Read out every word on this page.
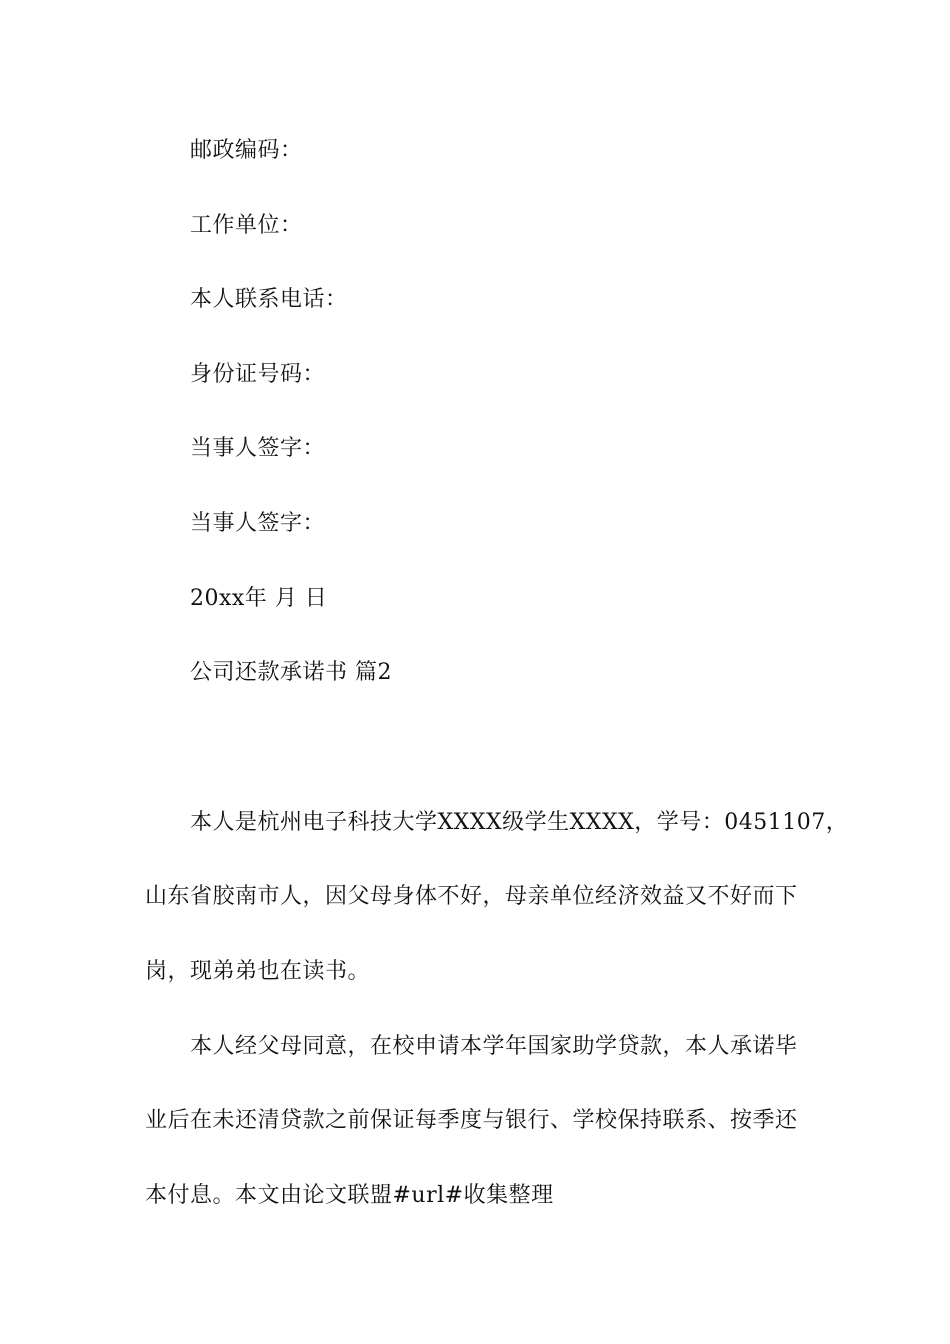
邮政编码：
工作单位：
本人联系电话：
身份证号码：
当事人签字：
当事人签字：
20xx年 月 日
公司还款承诺书 篇2
本人是杭州电子科技大学XXXX级学生XXXX，学号：0451107，
山东省胶南市人，因父母身体不好，母亲单位经济效益又不好而下
岗，现弟弟也在读书。
本人经父母同意，在校申请本学年国家助学贷款，本人承诺毕
业后在未还清贷款之前保证每季度与银行、学校保持联系、按季还
本付息。本文由论文联盟#url#收集整理
